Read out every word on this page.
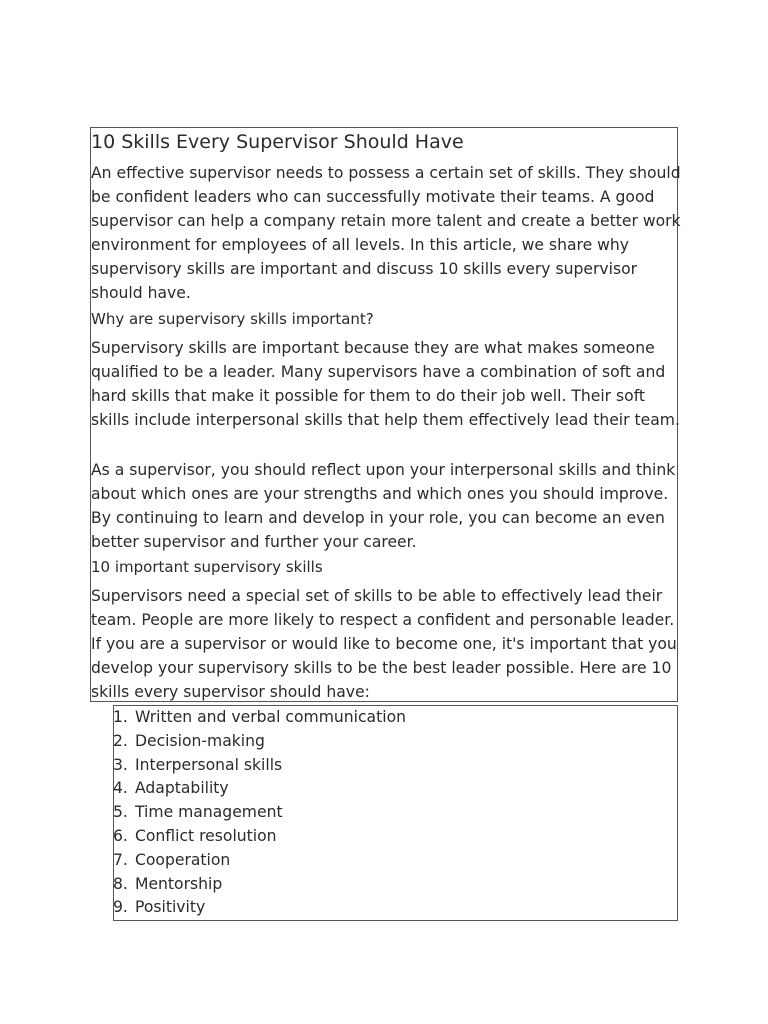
10 Skills Every Supervisor Should Have

An effective supervisor needs to possess a certain set of skills. They should be confident leaders who can successfully motivate their teams. A good supervisor can help a company retain more talent and create a better work environment for employees of all levels. In this article, we share why supervisory skills are important and discuss 10 skills every supervisor should have.

Why are supervisory skills important?

Supervisory skills are important because they are what makes someone qualified to be a leader. Many supervisors have a combination of soft and hard skills that make it possible for them to do their job well. Their soft skills include interpersonal skills that help them effectively lead their team.

As a supervisor, you should reflect upon your interpersonal skills and think about which ones are your strengths and which ones you should improve. By continuing to learn and develop in your role, you can become an even better supervisor and further your career.

10 important supervisory skills

Supervisors need a special set of skills to be able to effectively lead their team. People are more likely to respect a confident and personable leader. If you are a supervisor or would like to become one, it's important that you develop your supervisory skills to be the best leader possible. Here are 10 skills every supervisor should have:

1. Written and verbal communication
2. Decision-making
3. Interpersonal skills
4. Adaptability
5. Time management
6. Conflict resolution
7. Cooperation
8. Mentorship
9. Positivity
